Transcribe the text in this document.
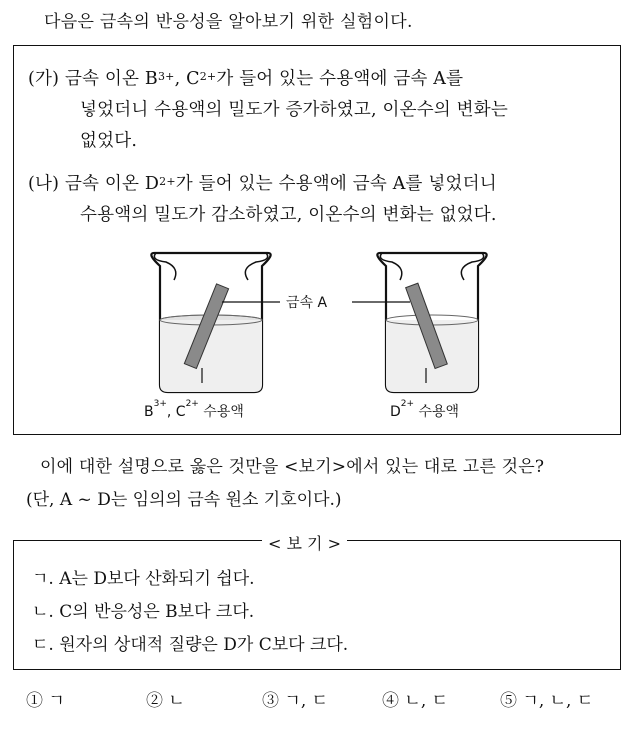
다음은 금속의 반응성을 알아보기 위한 실험이다.
(가) 금속 이온 $B^{3+}$, $C^{2+}$가 들어 있는 수용액에 금속 A를
넣었더니 수용액의 밀도가 증가하였고, 이온수의 변화는
없었다.
(나) 금속 이온 $D^{2+}$가 들어 있는 수용액에 금속 A를 넣었더니
수용액의 밀도가 감소하였고, 이온수의 변화는 없었다.
금속 A
$B^{3+}$, $C^{2+}$ 수용액	$D^{2+}$ 수용액
이에 대한 설명으로 옳은 것만을 <보기>에서 있는 대로 고른 것은?
(단, A ~ D는 임의의 금속 원소 기호이다.)
< 보 기 >
ㄱ. A는 D보다 산화되기 쉽다.
ㄴ. C의 반응성은 B보다 크다.
ㄷ. 원자의 상대적 질량은 D가 C보다 크다.
① ㄱ	② ㄴ	③ ㄱ, ㄷ	④ ㄴ, ㄷ	⑤ ㄱ, ㄴ, ㄷ
